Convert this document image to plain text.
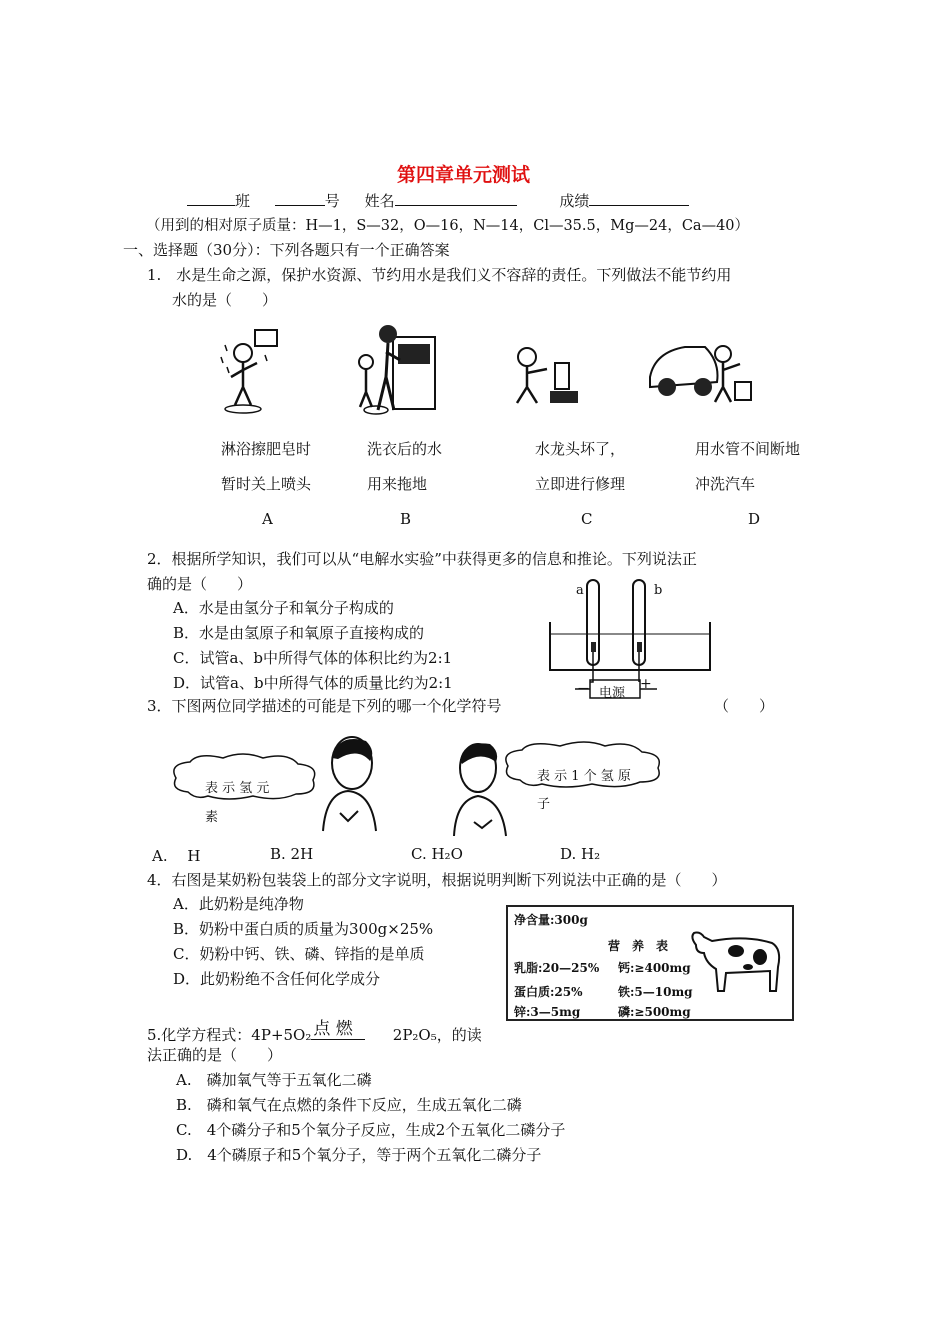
第四章单元测试
班	号 姓名	成绩
（用到的相对原子质量：H—1，S—32，O—16，N—14，Cl—35.5，Mg—24，Ca—40）
一、选择题（30分）：下列各题只有一个正确答案
1.　水是生命之源，保护水资源、节约用水是我们义不容辞的责任。下列做法不能节约用
水的是（　　）
淋浴擦肥皂时
暂时关上喷头
A
洗衣后的水
用来拖地
B
水龙头坏了，
立即进行修理
C
用水管不间断地
冲洗汽车
D
2．根据所学知识，我们可以从“电解水实验”中获得更多的信息和推论。下列说法正
确的是（　　）
A．水是由氢分子和氧分子构成的
B．水是由氢原子和氧原子直接构成的
C．试管a、b中所得气体的体积比约为2:1
D．试管a、b中所得气体的质量比约为2:1
a	b
电源
－	+
3．下图两位同学描述的可能是下列的哪一个化学符号	（　　）
表 示 氢 元
素
表 示 1 个 氢 原
子
A.　 H	B. 2H	C. H₂O	D. H₂
4．右图是某奶粉包装袋上的部分文字说明，根据说明判断下列说法中正确的是（　　）
A．此奶粉是纯净物
B．奶粉中蛋白质的质量为300g×25%
C．奶粉中钙、铁、磷、锌指的是单质
D．此奶粉绝不含任何化学成分
净含量:300g
营　养　表
乳脂:20—25% 钙:≥400mg
蛋白质:25%	铁:5—10mg
锌:3—5mg	磷:≥500mg
5.化学方程式：4P+5O₂ 点 燃	2P₂O₅，的读
法正确的是（　　）
A.　磷加氧气等于五氧化二磷
B.　磷和氧气在点燃的条件下反应，生成五氧化二磷
C.　4个磷分子和5个氧分子反应，生成2个五氧化二磷分子
D.　4个磷原子和5个氧分子，等于两个五氧化二磷分子
